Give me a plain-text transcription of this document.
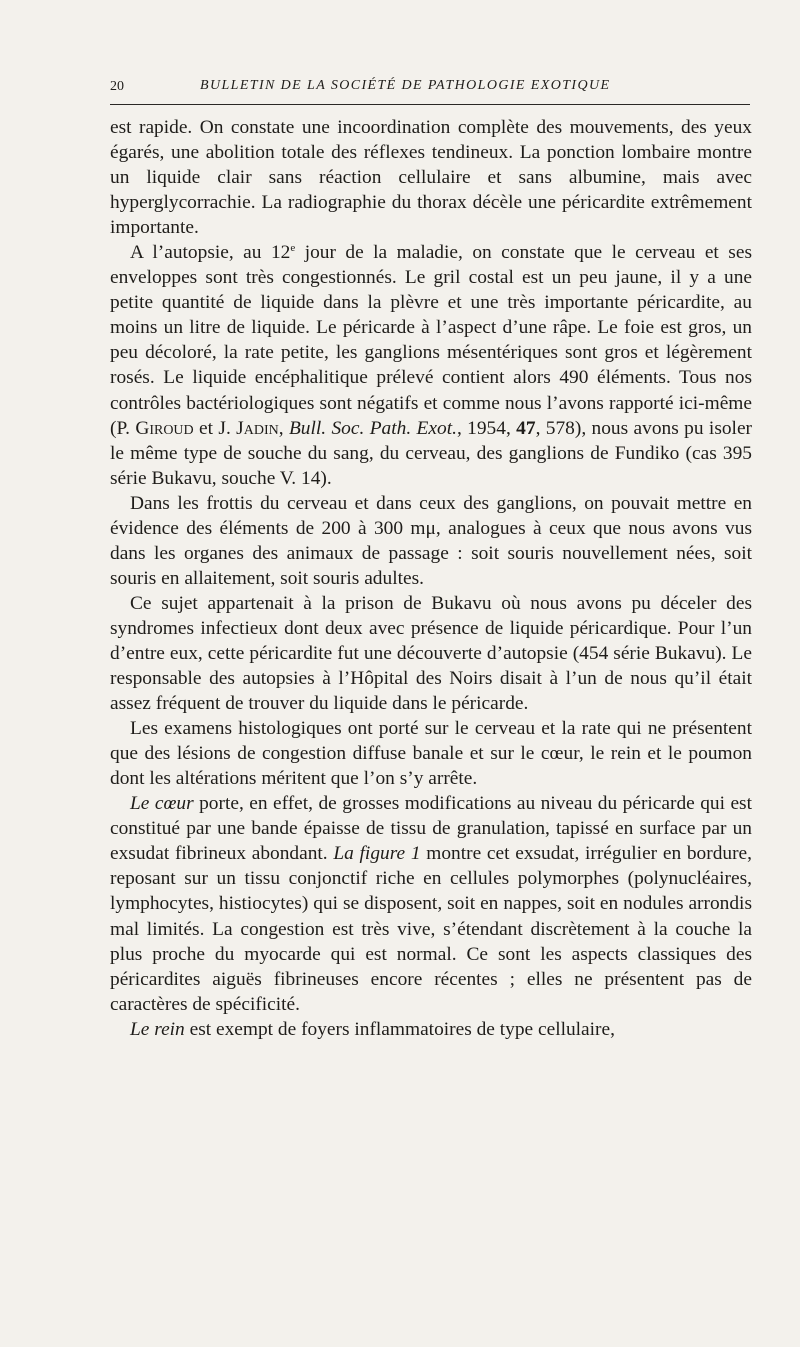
20	BULLETIN DE LA SOCIÉTÉ DE PATHOLOGIE EXOTIQUE

est rapide. On constate une incoordination complète des mouvements, des yeux égarés, une abolition totale des réflexes tendineux. La ponction lombaire montre un liquide clair sans réaction cellulaire et sans albumine, mais avec hyperglycorrachie. La radiographie du thorax décèle une péricardite extrêmement importante.

A l’autopsie, au 12e jour de la maladie, on constate que le cerveau et ses enveloppes sont très congestionnés. Le gril costal est un peu jaune, il y a une petite quantité de liquide dans la plèvre et une très importante péricardite, au moins un litre de liquide. Le péricarde à l’aspect d’une râpe. Le foie est gros, un peu décoloré, la rate petite, les ganglions mésentériques sont gros et légèrement rosés. Le liquide encéphalitique prélevé contient alors 490 éléments. Tous nos contrôles bactériologiques sont négatifs et comme nous l’avons rapporté ici-même (P. Giroud et J. Jadin, Bull. Soc. Path. Exot., 1954, 47, 578), nous avons pu isoler le même type de souche du sang, du cerveau, des ganglions de Fundiko (cas 395 série Bukavu, souche V. 14).

Dans les frottis du cerveau et dans ceux des ganglions, on pouvait mettre en évidence des éléments de 200 à 300 mμ, analogues à ceux que nous avons vus dans les organes des animaux de passage : soit souris nouvellement nées, soit souris en allaitement, soit souris adultes.

Ce sujet appartenait à la prison de Bukavu où nous avons pu déceler des syndromes infectieux dont deux avec présence de liquide péricardique. Pour l’un d’entre eux, cette péricardite fut une découverte d’autopsie (454 série Bukavu). Le responsable des autopsies à l’Hôpital des Noirs disait à l’un de nous qu’il était assez fréquent de trouver du liquide dans le péricarde.

Les examens histologiques ont porté sur le cerveau et la rate qui ne présentent que des lésions de congestion diffuse banale et sur le cœur, le rein et le poumon dont les altérations méritent que l’on s’y arrête.

Le cœur porte, en effet, de grosses modifications au niveau du péricarde qui est constitué par une bande épaisse de tissu de granulation, tapissé en surface par un exsudat fibrineux abondant. La figure 1 montre cet exsudat, irrégulier en bordure, reposant sur un tissu conjonctif riche en cellules polymorphes (polynucléaires, lymphocytes, histiocytes) qui se disposent, soit en nappes, soit en nodules arrondis mal limités. La congestion est très vive, s’étendant discrètement à la couche la plus proche du myocarde qui est normal. Ce sont les aspects classiques des péricardites aiguës fibrineuses encore récentes ; elles ne présentent pas de caractères de spécificité.

Le rein est exempt de foyers inflammatoires de type cellulaire,
